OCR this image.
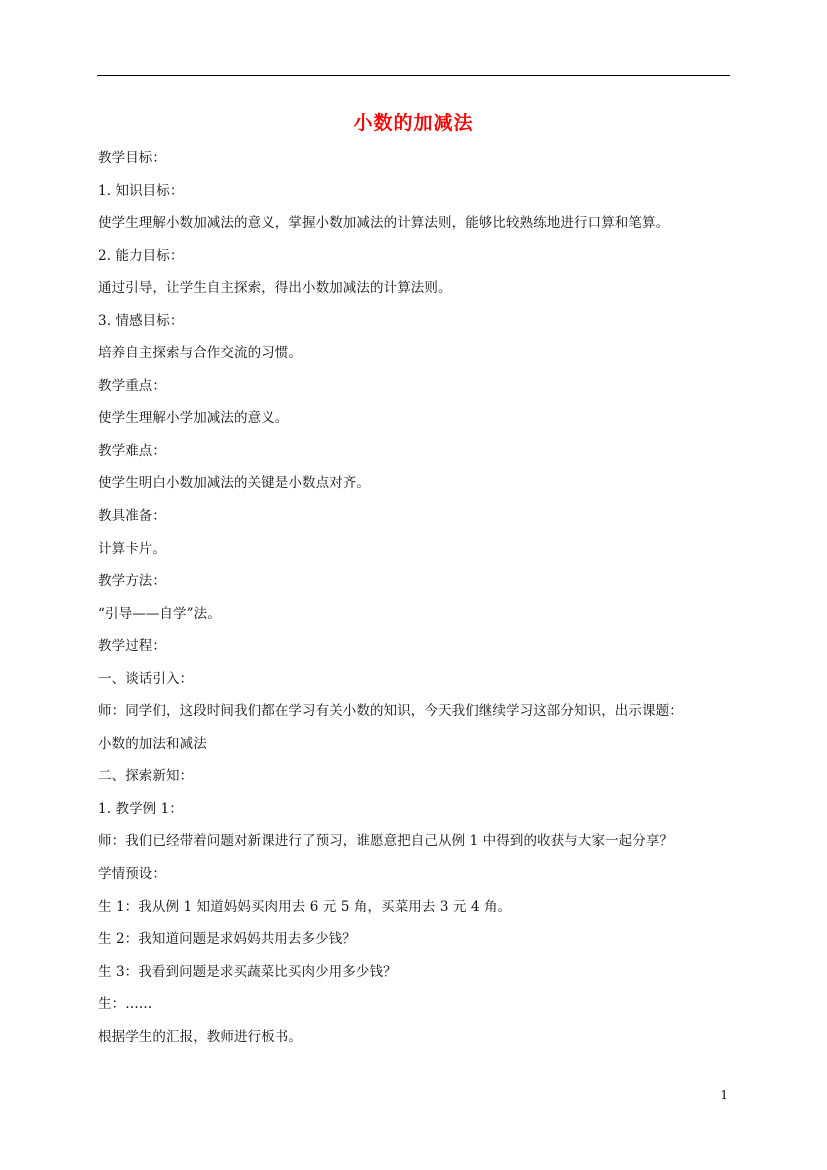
小数的加减法
教学目标：
1. 知识目标：
使学生理解小数加减法的意义，掌握小数加减法的计算法则，能够比较熟练地进行口算和笔算。
2. 能力目标：
通过引导，让学生自主探索，得出小数加减法的计算法则。
3. 情感目标：
培养自主探索与合作交流的习惯。
教学重点：
使学生理解小学加减法的意义。
教学难点：
使学生明白小数加减法的关键是小数点对齐。
教具准备：
计算卡片。
教学方法：
“引导——自学”法。
教学过程：
一、谈话引入：
师：同学们，这段时间我们都在学习有关小数的知识，今天我们继续学习这部分知识，出示课题：
小数的加法和减法
二、探索新知：
1. 教学例 1：
师：我们已经带着问题对新课进行了预习，谁愿意把自己从例 1 中得到的收获与大家一起分享？
学情预设：
生 1：我从例 1 知道妈妈买肉用去 6 元 5 角，买菜用去 3 元 4 角。
生 2：我知道问题是求妈妈共用去多少钱？
生 3：我看到问题是求买蔬菜比买肉少用多少钱？
生：……
根据学生的汇报，教师进行板书。
1
